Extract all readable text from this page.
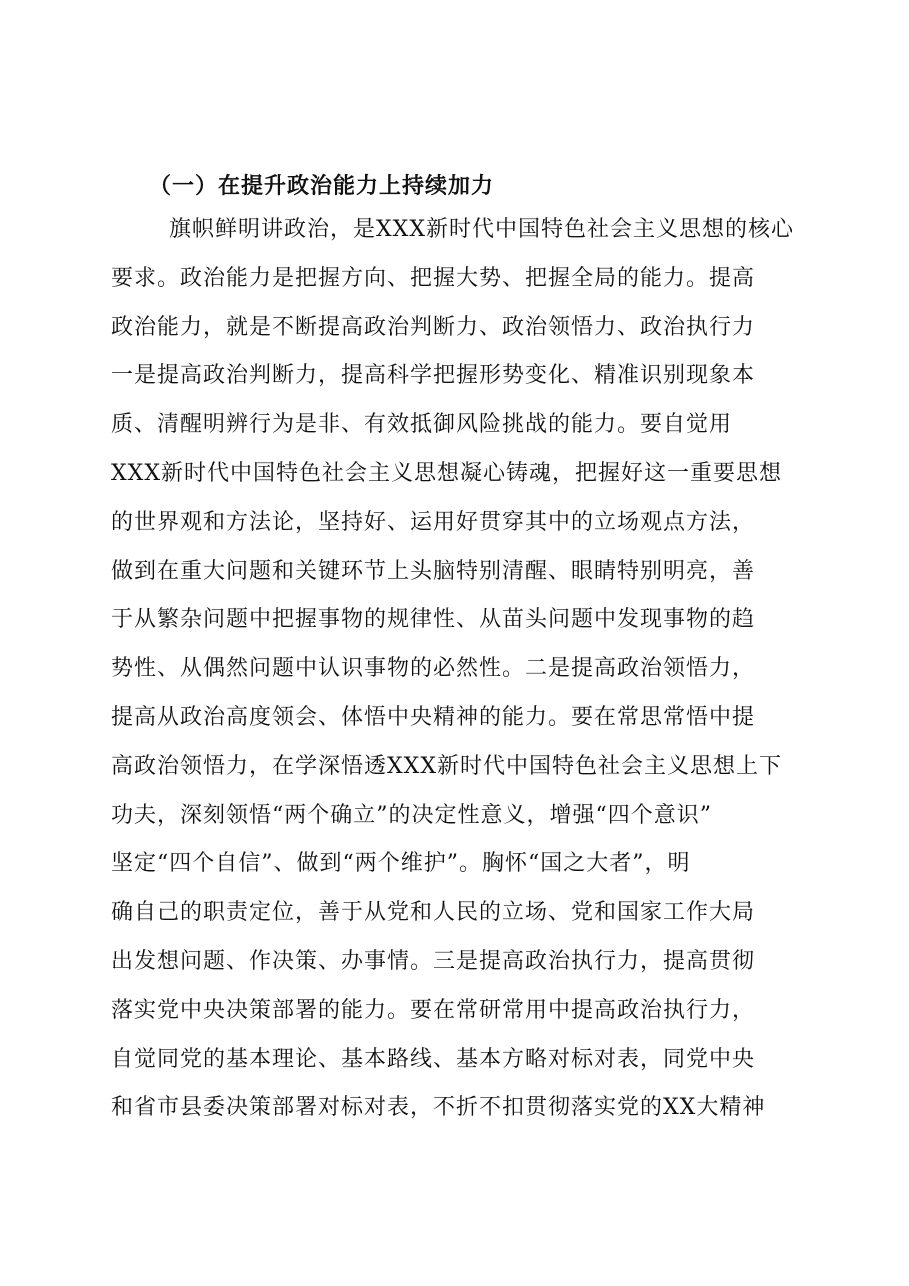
（一）在提升政治能力上持续加力

旗帜鲜明讲政治，是XXX新时代中国特色社会主义思想的核心

要求。政治能力是把握方向、把握大势、把握全局的能力。提高

政治能力，就是不断提高政治判断力、政治领悟力、政治执行力

一是提高政治判断力，提高科学把握形势变化、精准识别现象本

质、清醒明辨行为是非、有效抵御风险挑战的能力。要自觉用

XXX新时代中国特色社会主义思想凝心铸魂，把握好这一重要思想

的世界观和方法论，坚持好、运用好贯穿其中的立场观点方法，

做到在重大问题和关键环节上头脑特别清醒、眼睛特别明亮，善

于从繁杂问题中把握事物的规律性、从苗头问题中发现事物的趋

势性、从偶然问题中认识事物的必然性。二是提高政治领悟力，

提高从政治高度领会、体悟中央精神的能力。要在常思常悟中提

高政治领悟力，在学深悟透XXX新时代中国特色社会主义思想上下

功夫，深刻领悟“两个确立”的决定性意义，增强“四个意识”

坚定“四个自信”、做到“两个维护”。胸怀“国之大者”，明

确自己的职责定位，善于从党和人民的立场、党和国家工作大局

出发想问题、作决策、办事情。三是提高政治执行力，提高贯彻

落实党中央决策部署的能力。要在常研常用中提高政治执行力，

自觉同党的基本理论、基本路线、基本方略对标对表，同党中央

和省市县委决策部署对标对表，不折不扣贯彻落实党的XX大精神
